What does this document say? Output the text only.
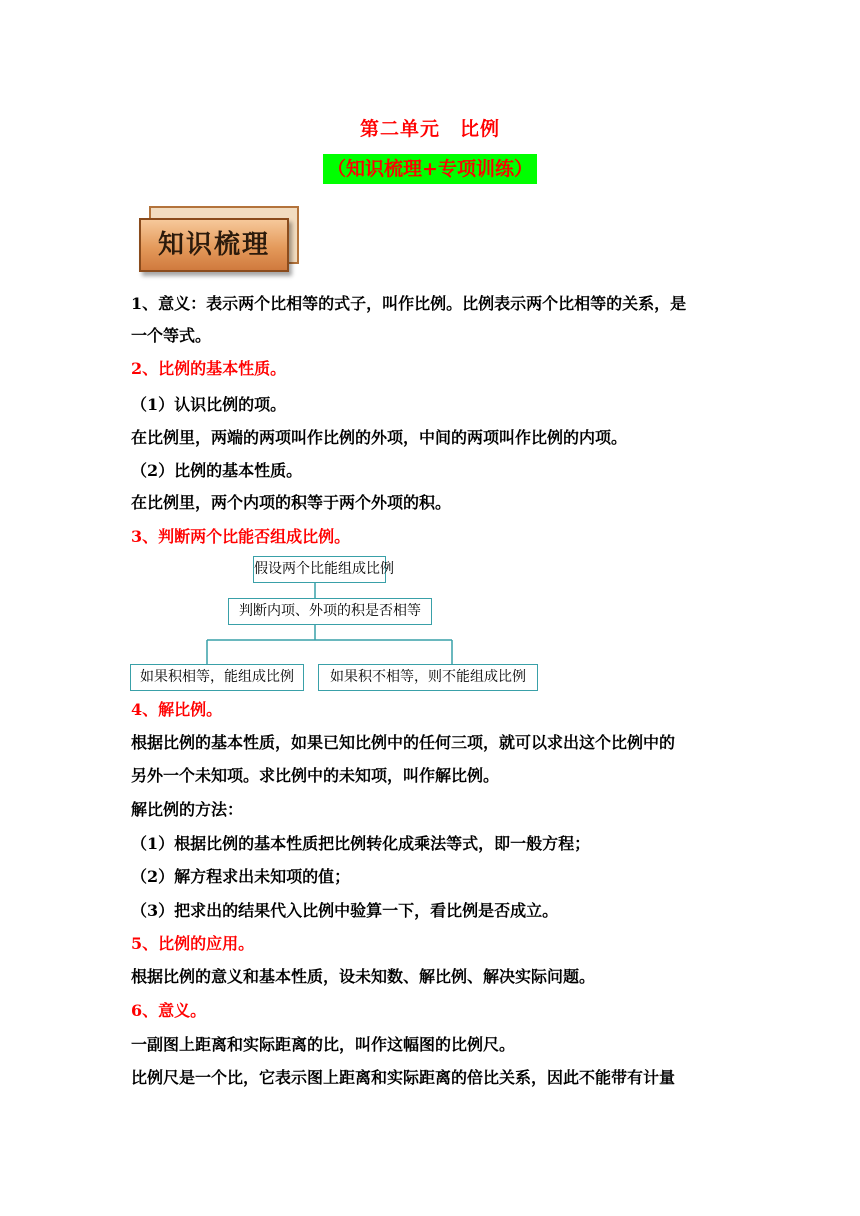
第二单元　比例
（知识梳理+专项训练）
知识梳理
1、意义：表示两个比相等的式子，叫作比例。比例表示两个比相等的关系，是
一个等式。
2、比例的基本性质。
（1）认识比例的项。
在比例里，两端的两项叫作比例的外项，中间的两项叫作比例的内项。
（2）比例的基本性质。
在比例里，两个内项的积等于两个外项的积。
3、判断两个比能否组成比例。
假设两个比能组成比例
判断内项、外项的积是否相等
如果积相等，能组成比例	如果积不相等，则不能组成比例
4、解比例。
根据比例的基本性质，如果已知比例中的任何三项，就可以求出这个比例中的
另外一个未知项。求比例中的未知项，叫作解比例。
解比例的方法：
（1）根据比例的基本性质把比例转化成乘法等式，即一般方程；
（2）解方程求出未知项的值；
（3）把求出的结果代入比例中验算一下，看比例是否成立。
5、比例的应用。
根据比例的意义和基本性质，设未知数、解比例、解决实际问题。
6、意义。
一副图上距离和实际距离的比，叫作这幅图的比例尺。
比例尺是一个比，它表示图上距离和实际距离的倍比关系，因此不能带有计量
